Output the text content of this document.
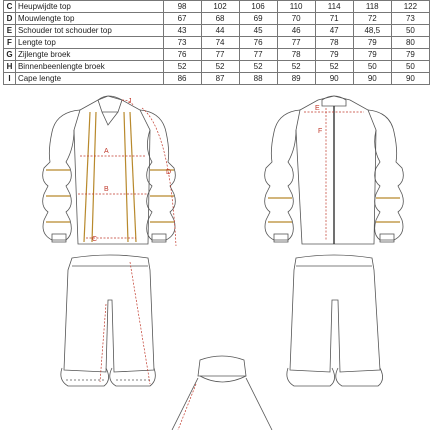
C	Heupwijdte top	98	102	106	110	114	118	122
D	Mouwlengte top	67	68	69	70	71	72	73
E	Schouder tot schouder top	43	44	45	46	47	48,5	50
F	Lengte top	73	74	76	77	78	79	80
G	Zijlengte broek	76	77	77	78	79	79	79
H	Binnenbeenlengte broek	52	52	52	52	52	50	50
I	Cape lengte	86	87	88	89	90	90	90
A
B
C
D
J
E
F
